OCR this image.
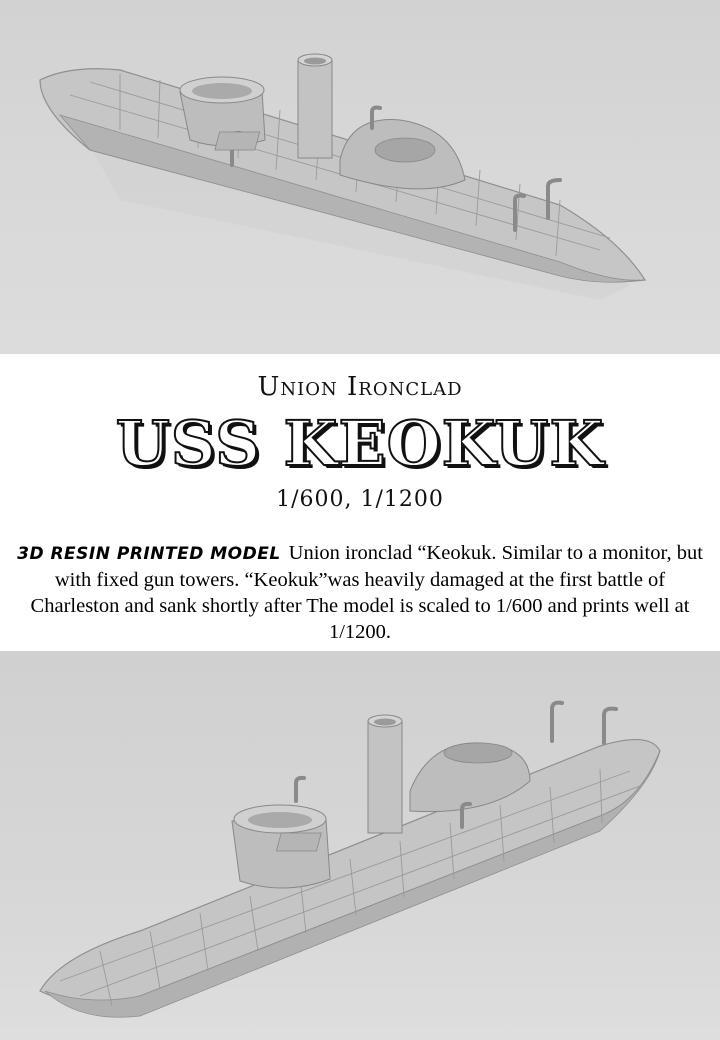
Union Ironclad
USS KEOKUK
1/600, 1/1200
3D RESIN PRINTED MODEL Union ironclad “Keokuk. Similar to a monitor, but with fixed gun towers. “Keokuk”was heavily damaged at the first battle of Charleston and sank shortly after The model is scaled to 1/600 and prints well at 1/1200.
